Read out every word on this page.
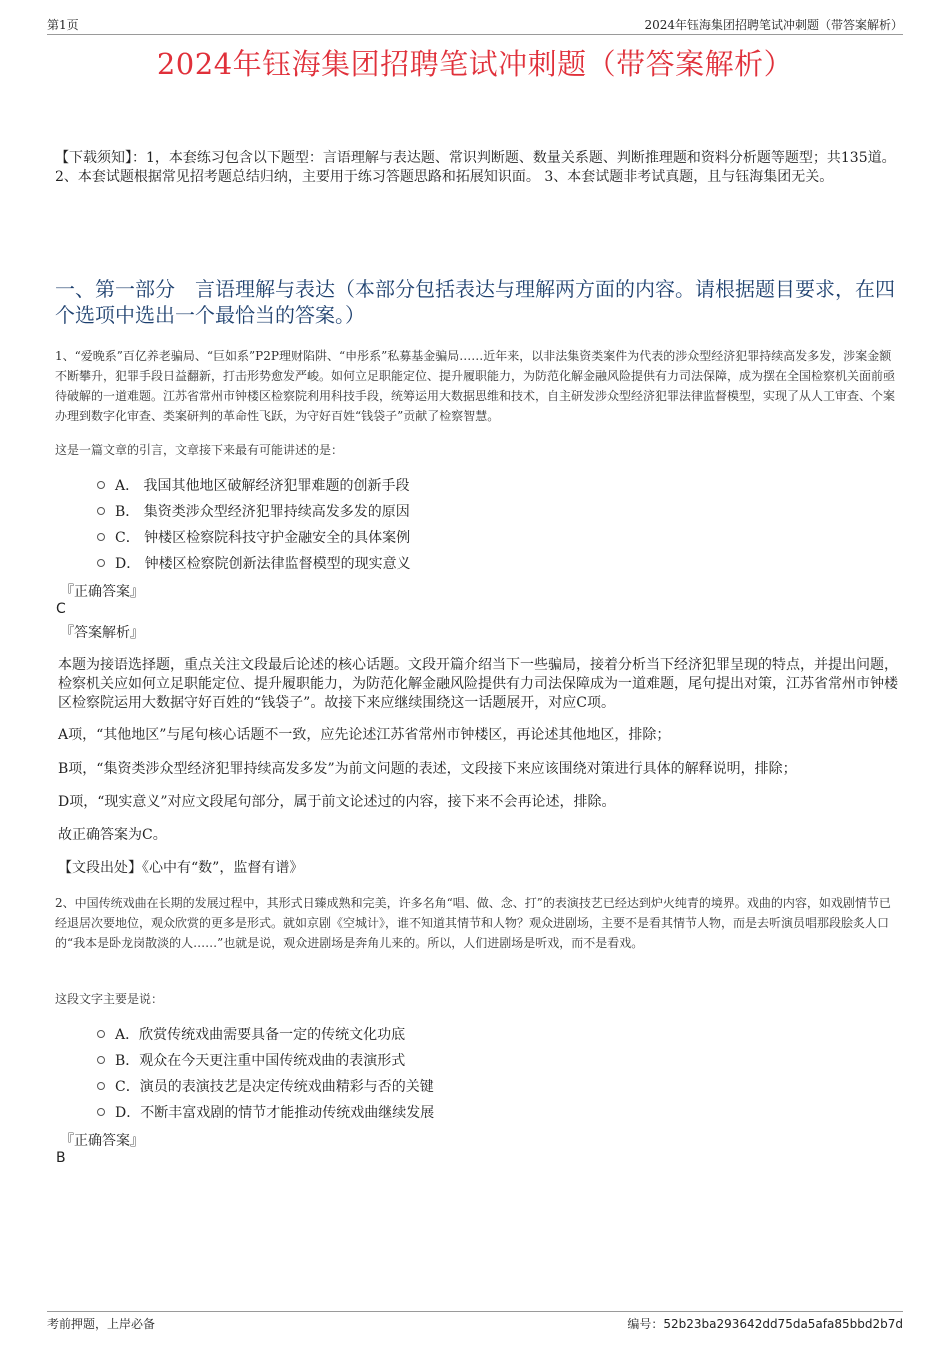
第1页	2024年钰海集团招聘笔试冲刺题（带答案解析）
2024年钰海集团招聘笔试冲刺题（带答案解析）
【下载须知】：1，本套练习包含以下题型：言语理解与表达题、常识判断题、数量关系题、判断推理题和资料分析题等题型；共135道。 2、本套试题根据常见招考题总结归纳，主要用于练习答题思路和拓展知识面。 3、本套试题非考试真题，且与钰海集团无关。
一、第一部分　言语理解与表达（本部分包括表达与理解两方面的内容。请根据题目要求，在四个选项中选出一个最恰当的答案。）
1、“爱晚系”百亿养老骗局、“巨如系”P2P理财陷阱、“申彤系”私募基金骗局……近年来，以非法集资类案件为代表的涉众型经济犯罪持续高发多发，涉案金额不断攀升，犯罪手段日益翻新，打击形势愈发严峻。如何立足职能定位、提升履职能力，为防范化解金融风险提供有力司法保障，成为摆在全国检察机关面前亟待破解的一道难题。江苏省常州市钟楼区检察院利用科技手段，统筹运用大数据思维和技术，自主研发涉众型经济犯罪法律监督模型，实现了从人工审查、个案办理到数字化审查、类案研判的革命性飞跃，为守好百姓“钱袋子”贡献了检察智慧。
这是一篇文章的引言，文章接下来最有可能讲述的是：
A． 我国其他地区破解经济犯罪难题的创新手段
B． 集资类涉众型经济犯罪持续高发多发的原因
C． 钟楼区检察院科技守护金融安全的具体案例
D． 钟楼区检察院创新法律监督模型的现实意义
『正确答案』
C
『答案解析』
本题为接语选择题，重点关注文段最后论述的核心话题。文段开篇介绍当下一些骗局，接着分析当下经济犯罪呈现的特点，并提出问题，检察机关应如何立足职能定位、提升履职能力，为防范化解金融风险提供有力司法保障成为一道难题，尾句提出对策，江苏省常州市钟楼区检察院运用大数据守好百姓的“钱袋子”。故接下来应继续围绕这一话题展开，对应C项。
A项，“其他地区”与尾句核心话题不一致，应先论述江苏省常州市钟楼区，再论述其他地区，排除；
B项，“集资类涉众型经济犯罪持续高发多发”为前文问题的表述，文段接下来应该围绕对策进行具体的解释说明，排除；
D项，“现实意义”对应文段尾句部分，属于前文论述过的内容，接下来不会再论述，排除。
故正确答案为C。
【文段出处】《心中有“数”，监督有谱》
2、中国传统戏曲在长期的发展过程中，其形式日臻成熟和完美，许多名角“唱、做、念、打”的表演技艺已经达到炉火纯青的境界。戏曲的内容，如戏剧情节已经退居次要地位，观众欣赏的更多是形式。就如京剧《空城计》，谁不知道其情节和人物？观众进剧场，主要不是看其情节人物，而是去听演员唱那段脍炙人口的“我本是卧龙岗散淡的人……”也就是说，观众进剧场是奔角儿来的。所以，人们进剧场是听戏，而不是看戏。
这段文字主要是说：
A．欣赏传统戏曲需要具备一定的传统文化功底
B．观众在今天更注重中国传统戏曲的表演形式
C．演员的表演技艺是决定传统戏曲精彩与否的关键
D．不断丰富戏剧的情节才能推动传统戏曲继续发展
『正确答案』
B
考前押题，上岸必备	编号：52b23ba293642dd75da5afa85bbd2b7d
